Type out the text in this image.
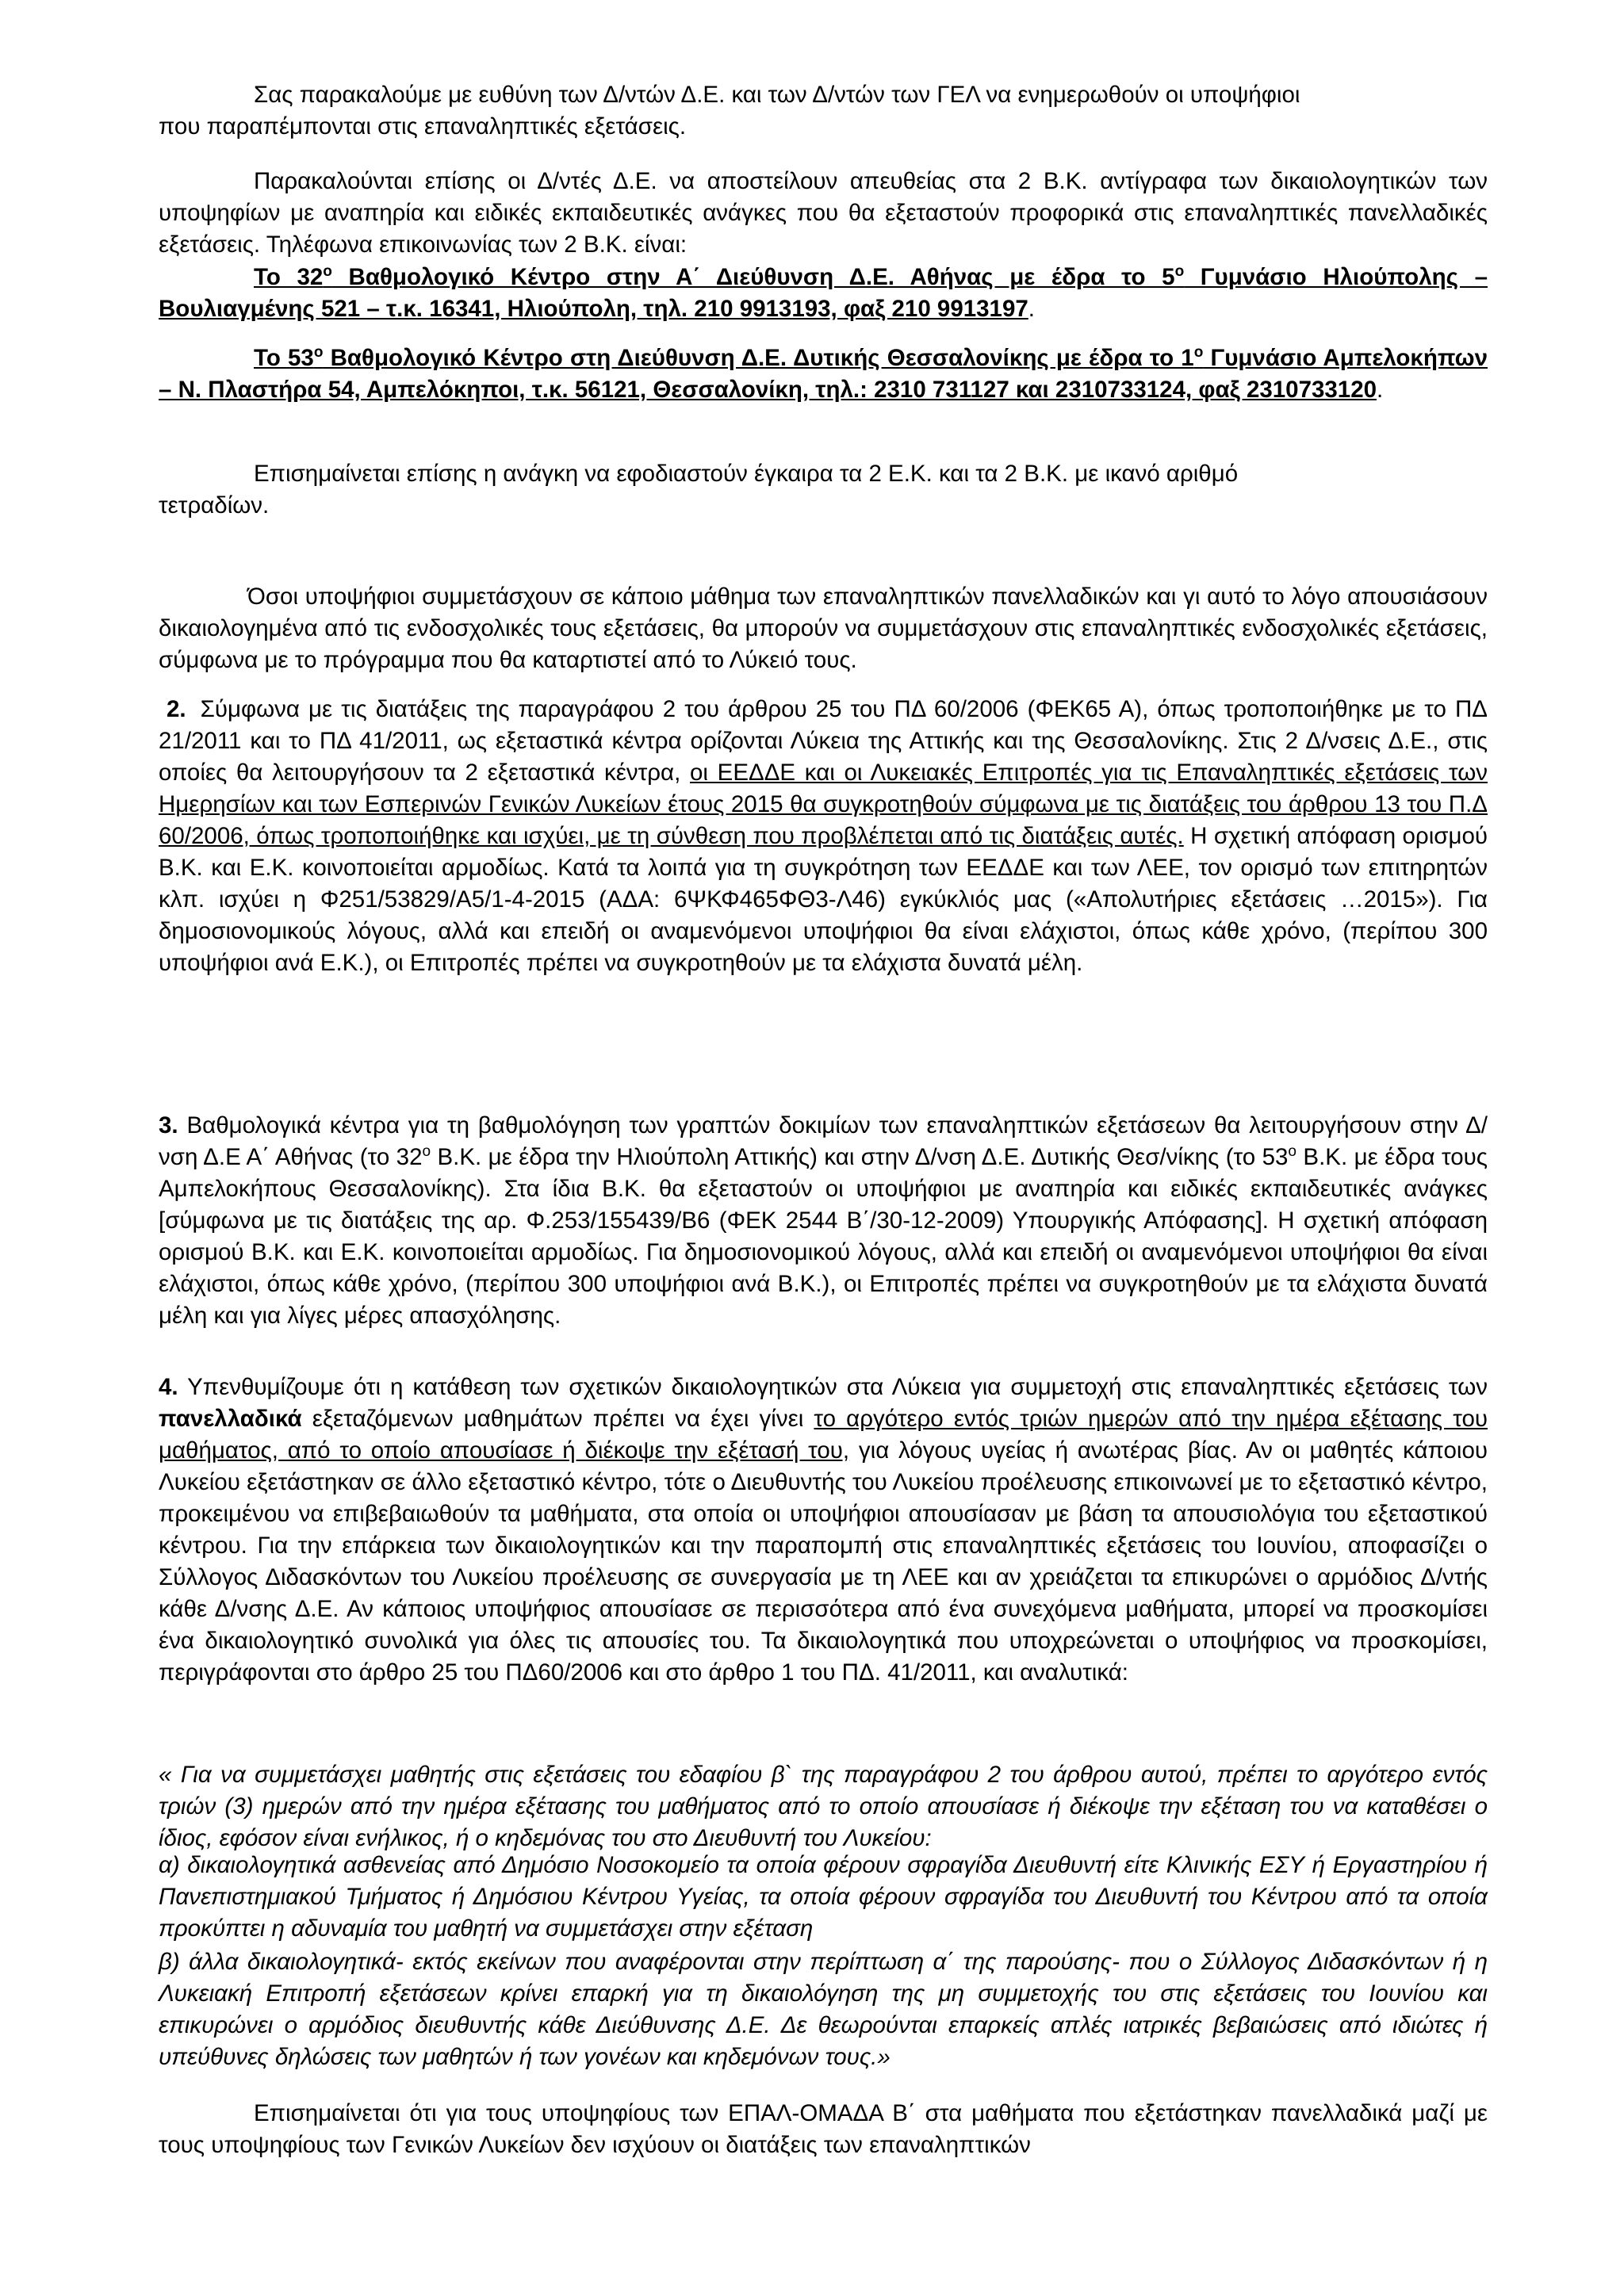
Σας παρακαλούμε με ευθύνη των Δ/ντών Δ.Ε. και των Δ/ντών των ΓΕΛ να ενημερωθούν οι υποψήφιοι
που παραπέμπονται στις επαναληπτικές εξετάσεις.
Παρακαλούνται επίσης οι Δ/ντές Δ.Ε. να αποστείλουν απευθείας στα 2 Β.Κ. αντίγραφα των δικαιολογητικών των υποψηφίων με αναπηρία και ειδικές εκπαιδευτικές ανάγκες που θα εξεταστούν προφορικά στις επαναληπτικές πανελλαδικές εξετάσεις. Τηλέφωνα επικοινωνίας των 2 Β.Κ. είναι:
Το $32^o$ Βαθμολογικό Κέντρο στην Α΄ Διεύθυνση Δ.Ε. Αθήνας με έδρα το $5^o$ Γυμνάσιο Ηλιούπολης – Βουλιαγμένης 521 – τ.κ. 16341, Ηλιούπολη, τηλ. 210 9913193, φαξ 210 9913197.
Το $53^o$ Βαθμολογικό Κέντρο στη Διεύθυνση Δ.Ε. Δυτικής Θεσσαλονίκης με έδρα το $1^o$ Γυμνάσιο Αμπελοκήπων – Ν. Πλαστήρα 54, Αμπελόκηποι, τ.κ. 56121, Θεσσαλονίκη, τηλ.: 2310 731127 και 2310733124, φαξ 2310733120.
Επισημαίνεται επίσης η ανάγκη να εφοδιαστούν έγκαιρα τα 2 Ε.Κ. και τα 2 Β.Κ. με ικανό αριθμό
τετραδίων.
Όσοι υποψήφιοι συμμετάσχουν σε κάποιο μάθημα των επαναληπτικών πανελλαδικών και γι αυτό το λόγο απουσιάσουν δικαιολογημένα από τις ενδοσχολικές τους εξετάσεις, θα μπορούν να συμμετάσχουν στις επαναληπτικές ενδοσχολικές εξετάσεις, σύμφωνα με το πρόγραμμα που θα καταρτιστεί από το Λύκειό τους.
2. Σύμφωνα με τις διατάξεις της παραγράφου 2 του άρθρου 25 του ΠΔ 60/2006 (ΦΕΚ65 Α), όπως τροποποιήθηκε με το ΠΔ 21/2011 και το ΠΔ 41/2011, ως εξεταστικά κέντρα ορίζονται Λύκεια της Αττικής και της Θεσσαλονίκης. Στις 2 Δ/νσεις Δ.Ε., στις οποίες θα λειτουργήσουν τα 2 εξεταστικά κέντρα, οι ΕΕΔΔΕ και οι Λυκειακές Επιτροπές για τις Επαναληπτικές εξετάσεις των Ημερησίων και των Εσπερινών Γενικών Λυκείων έτους 2015 θα συγκροτηθούν σύμφωνα με τις διατάξεις του άρθρου 13 του Π.Δ 60/2006, όπως τροποποιήθηκε και ισχύει, με τη σύνθεση που προβλέπεται από τις διατάξεις αυτές. Η σχετική απόφαση ορισμού Β.Κ. και Ε.Κ. κοινοποιείται αρμοδίως. Κατά τα λοιπά για τη συγκρότηση των ΕΕΔΔΕ και των ΛΕΕ, τον ορισμό των επιτηρητών κλπ. ισχύει η Φ251/53829/Α5/1-4-2015 (ΑΔΑ: 6ΨΚΦ465ΦΘ3-Λ46) εγκύκλιός μας («Απολυτήριες εξετάσεις …2015»). Για δημοσιονομικούς λόγους, αλλά και επειδή οι αναμενόμενοι υποψήφιοι θα είναι ελάχιστοι, όπως κάθε χρόνο, (περίπου 300 υποψήφιοι ανά Ε.Κ.), οι Επιτροπές πρέπει να συγκροτηθούν με τα ελάχιστα δυνατά μέλη.
3. Βαθμολογικά κέντρα για τη βαθμολόγηση των γραπτών δοκιμίων των επαναληπτικών εξετάσεων θα λειτουργήσουν στην Δ/νση Δ.Ε Α΄ Αθήνας (το $32^o$ Β.Κ. με έδρα την Ηλιούπολη Αττικής) και στην Δ/νση Δ.Ε. Δυτικής Θεσ/νίκης (το $53^o$ Β.Κ. με έδρα τους Αμπελοκήπους Θεσσαλονίκης). Στα ίδια Β.Κ. θα εξεταστούν οι υποψήφιοι με αναπηρία και ειδικές εκπαιδευτικές ανάγκες [σύμφωνα με τις διατάξεις της αρ. Φ.253/155439/Β6 (ΦΕΚ 2544 Β΄/30-12-2009) Υπουργικής Απόφασης]. Η σχετική απόφαση ορισμού Β.Κ. και Ε.Κ. κοινοποιείται αρμοδίως. Για δημοσιονομικού λόγους, αλλά και επειδή οι αναμενόμενοι υποψήφιοι θα είναι ελάχιστοι, όπως κάθε χρόνο, (περίπου 300 υποψήφιοι ανά Β.Κ.), οι Επιτροπές πρέπει να συγκροτηθούν με τα ελάχιστα δυνατά μέλη και για λίγες μέρες απασχόλησης.
4. Υπενθυμίζουμε ότι η κατάθεση των σχετικών δικαιολογητικών στα Λύκεια για συμμετοχή στις επαναληπτικές εξετάσεις των πανελλαδικά εξεταζόμενων μαθημάτων πρέπει να έχει γίνει το αργότερο εντός τριών ημερών από την ημέρα εξέτασης του μαθήματος, από το οποίο απουσίασε ή διέκοψε την εξέτασή του, για λόγους υγείας ή ανωτέρας βίας. Αν οι μαθητές κάποιου Λυκείου εξετάστηκαν σε άλλο εξεταστικό κέντρο, τότε ο Διευθυντής του Λυκείου προέλευσης επικοινωνεί με το εξεταστικό κέντρο, προκειμένου να επιβεβαιωθούν τα μαθήματα, στα οποία οι υποψήφιοι απουσίασαν με βάση τα απουσιολόγια του εξεταστικού κέντρου. Για την επάρκεια των δικαιολογητικών και την παραπομπή στις επαναληπτικές εξετάσεις του Ιουνίου, αποφασίζει ο Σύλλογος Διδασκόντων του Λυκείου προέλευσης σε συνεργασία με τη ΛΕΕ και αν χρειάζεται τα επικυρώνει ο αρμόδιος Δ/ντής κάθε Δ/νσης Δ.Ε. Αν κάποιος υποψήφιος απουσίασε σε περισσότερα από ένα συνεχόμενα μαθήματα, μπορεί να προσκομίσει ένα δικαιολογητικό συνολικά για όλες τις απουσίες του. Τα δικαιολογητικά που υποχρεώνεται ο υποψήφιος να προσκομίσει, περιγράφονται στο άρθρο 25 του ΠΔ60/2006 και στο άρθρο 1 του ΠΔ. 41/2011, και αναλυτικά:
« Για να συμμετάσχει μαθητής στις εξετάσεις του εδαφίου β` της παραγράφου 2 του άρθρου αυτού, πρέπει το αργότερο εντός τριών (3) ημερών από την ημέρα εξέτασης του μαθήματος από το οποίο απουσίασε ή διέκοψε την εξέταση του να καταθέσει ο ίδιος, εφόσον είναι ενήλικος, ή ο κηδεμόνας του στο Διευθυντή του Λυκείου:
α) δικαιολογητικά ασθενείας από Δημόσιο Νοσοκομείο τα οποία φέρουν σφραγίδα Διευθυντή είτε Κλινικής ΕΣΥ ή Εργαστηρίου ή Πανεπιστημιακού Τμήματος ή Δημόσιου Κέντρου Υγείας, τα οποία φέρουν σφραγίδα του Διευθυντή του Κέντρου από τα οποία προκύπτει η αδυναμία του μαθητή να συμμετάσχει στην εξέταση
β) άλλα δικαιολογητικά- εκτός εκείνων που αναφέρονται στην περίπτωση α΄ της παρούσης- που ο Σύλλογος Διδασκόντων ή η Λυκειακή Επιτροπή εξετάσεων κρίνει επαρκή για τη δικαιολόγηση της μη συμμετοχής του στις εξετάσεις του Ιουνίου και επικυρώνει ο αρμόδιος διευθυντής κάθε Διεύθυνσης Δ.Ε. Δε θεωρούνται επαρκείς απλές ιατρικές βεβαιώσεις από ιδιώτες ή υπεύθυνες δηλώσεις των μαθητών ή των γονέων και κηδεμόνων τους.»
Επισημαίνεται ότι για τους υποψηφίους των ΕΠΑΛ-ΟΜΑΔΑ Β΄ στα μαθήματα που εξετάστηκαν πανελλαδικά μαζί με τους υποψηφίους των Γενικών Λυκείων δεν ισχύουν οι διατάξεις των επαναληπτικών
